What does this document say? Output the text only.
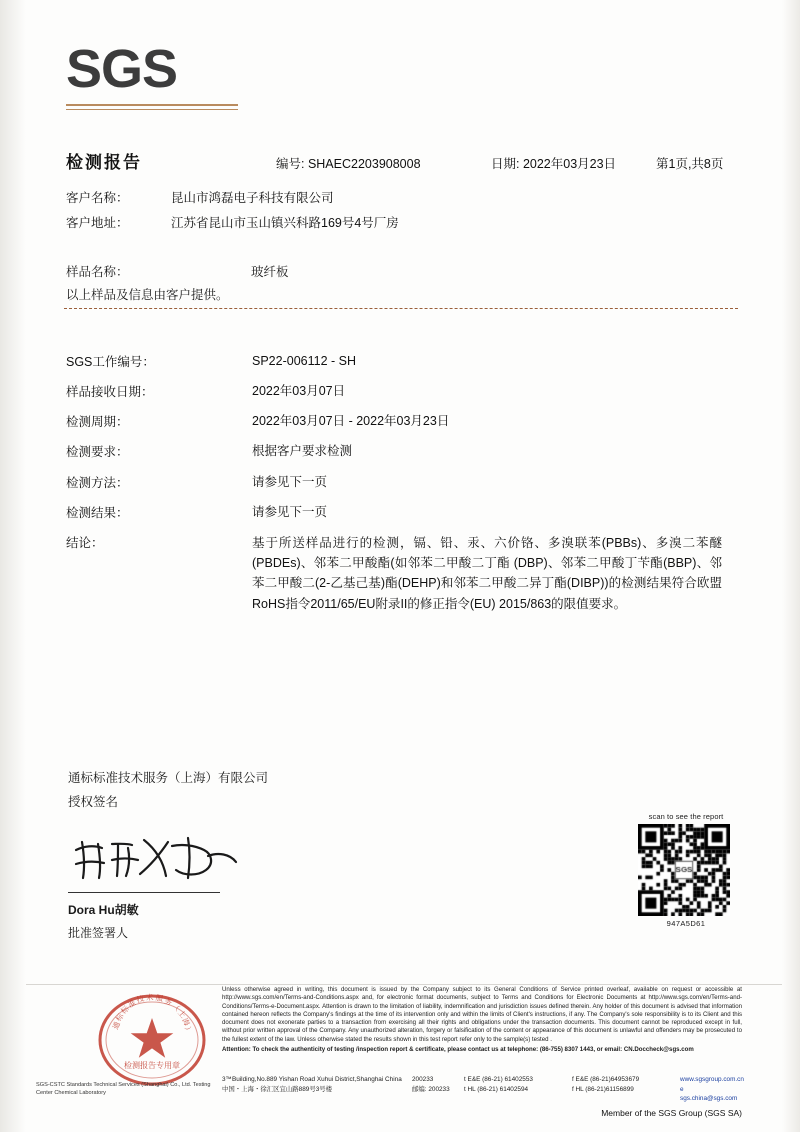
SGS
检测报告	编号: SHAEC2203908008	日期: 2022年03月23日	第1页,共8页
客户名称：	昆山市鸿磊电子科技有限公司
客户地址：	江苏省昆山市玉山镇兴科路169号4号厂房
样品名称：	玻纤板
以上样品及信息由客户提供。
SGS工作编号：	SP22-006112 - SH
样品接收日期：	2022年03月07日
检测周期：	2022年03月07日 - 2022年03月23日
检测要求：	根据客户要求检测
检测方法：	请参见下一页
检测结果：	请参见下一页
结论：	基于所送样品进行的检测，镉、铅、汞、六价铬、多溴联苯(PBBs)、多溴二苯醚(PBDEs)、邻苯二甲酸酯(如邻苯二甲酸二丁酯 (DBP)、邻苯二甲酸丁苄酯(BBP)、邻苯二甲酸二(2-乙基己基)酯(DEHP)和邻苯二甲酸二异丁酯(DIBP))的检测结果符合欧盟RoHS指令2011/65/EU附录II的修正指令(EU) 2015/863的限值要求。
通标标准技术服务（上海）有限公司
授权签名
Dora Hu胡敏
批准签署人
scan to see the report
947A5D61
检测报告专用章
通
标
标
准
技 术 服 务
（
上
海
）
SGS-CSTC Standards Technical Services (Shanghai) Co., Ltd. Testing Center Chemical Laboratory
Unless otherwise agreed in writing, this document is issued by the Company subject to its General Conditions of Service printed overleaf, available on request or accessible at http://www.sgs.com/en/Terms-and-Conditions.aspx and, for electronic format documents, subject to Terms and Conditions for Electronic Documents at http://www.sgs.com/en/Terms-and-Conditions/Terms-e-Document.aspx. Attention is drawn to the limitation of liability, indemnification and jurisdiction issues defined therein. Any holder of this document is advised that information contained hereon reflects the Company's findings at the time of its intervention only and within the limits of Client's instructions, if any. The Company's sole responsibility is to its Client and this document does not exonerate parties to a transaction from exercising all their rights and obligations under the transaction documents. This document cannot be reproduced except in full, without prior written approval of the Company. Any unauthorized alteration, forgery or falsification of the content or appearance of this document is unlawful and offenders may be prosecuted to the fullest extent of the law. Unless otherwise stated the results shown in this test report refer only to the sample(s) tested .
Attention: To check the authenticity of testing /inspection report & certificate, please contact us at telephone: (86-755) 8307 1443, or email: CN.Doccheck@sgs.com
3™Building,No.889 Yishan Road Xuhui District,Shanghai China	200233	t E&E (86-21) 61402553	f E&E (86-21)64953679	www.sgsgroup.com.cn
中国・上海・徐汇区宜山路889号3号楼	邮编: 200233	t HL (86-21) 61402594	f HL (86-21)61156899	e sgs.china@sgs.com
Member of the SGS Group (SGS SA)
